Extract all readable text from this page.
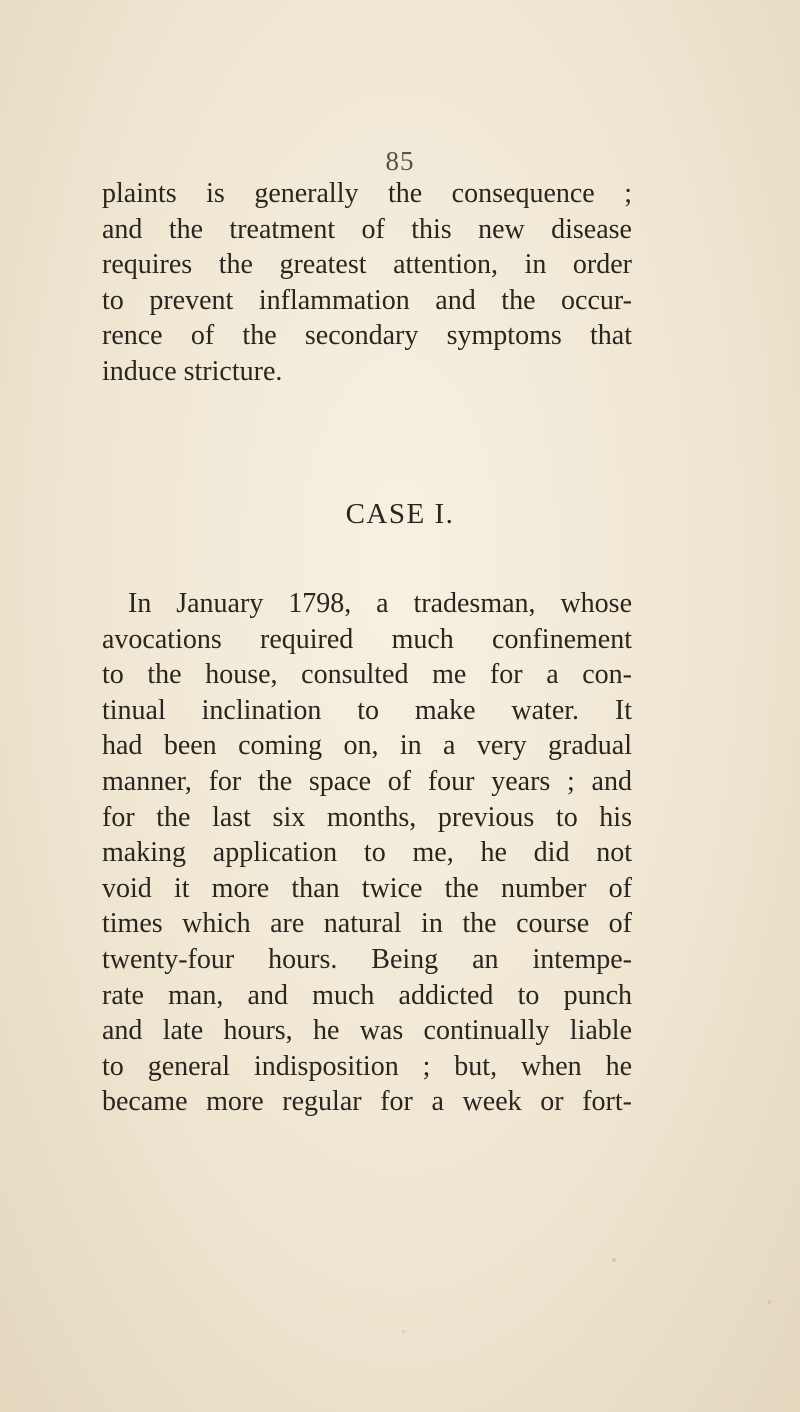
85
plaints is generally the consequence ;
and the treatment of this new disease
requires the greatest attention, in order
to prevent inflammation and the occur-
rence of the secondary symptoms that
induce stricture.
CASE I.
In January 1798, a tradesman, whose
avocations required much confinement
to the house, consulted me for a con-
tinual inclination to make water. It
had been coming on, in a very gradual
manner, for the space of four years ; and
for the last six months, previous to his
making application to me, he did not
void it more than twice the number of
times which are natural in the course of
twenty-four hours. Being an intempe-
rate man, and much addicted to punch
and late hours, he was continually liable
to general indisposition ; but, when he
became more regular for a week or fort-
